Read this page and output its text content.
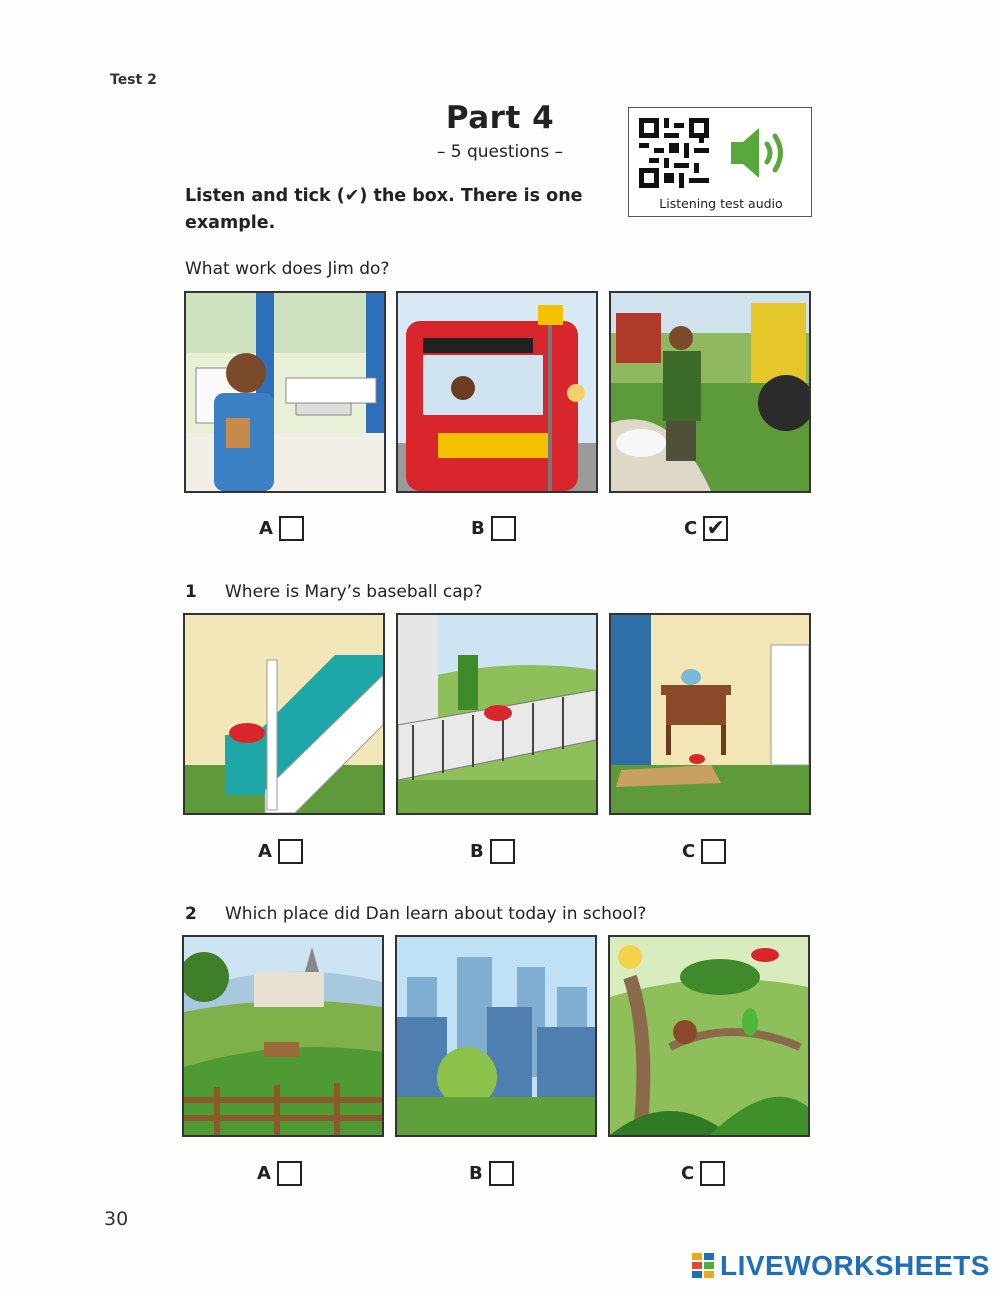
Test 2
Part 4
– 5 questions –
Listening test audio
Listen and tick (✔) the box. There is one example.
What work does Jim do?
A	B	C ✔
1 Where is Mary’s baseball cap?
A	B	C
2 Which place did Dan learn about today in school?
A	B	C
30
LIVEWORKSHEETS
